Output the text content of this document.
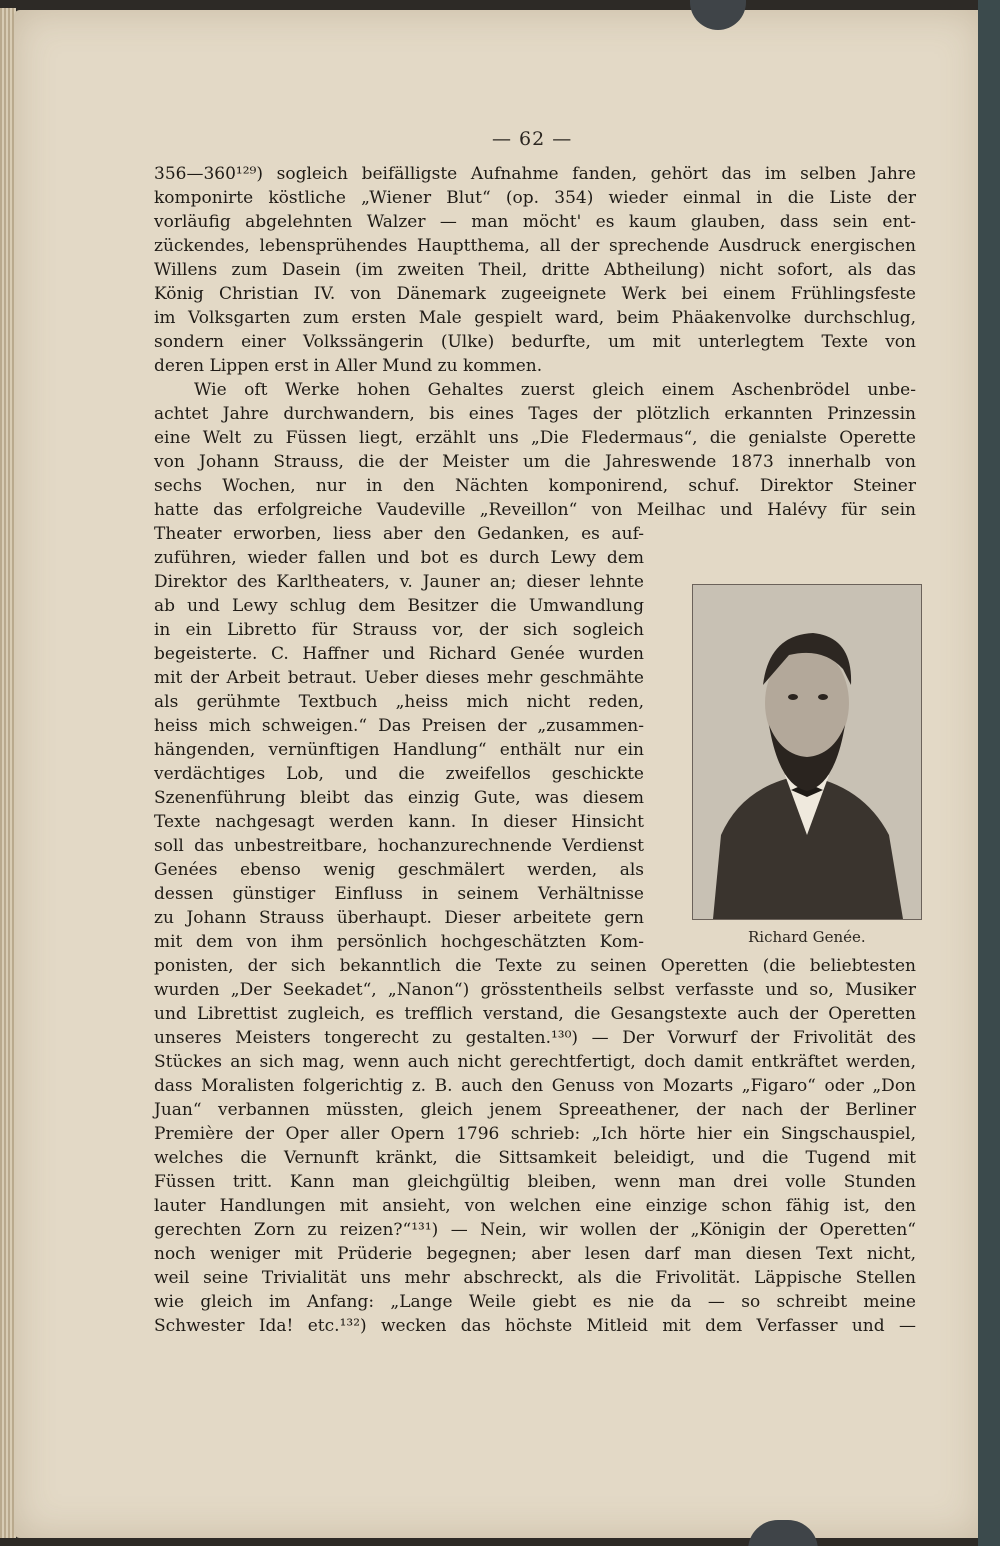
— 62 —
356—360¹²⁹) sogleich beifälligste Aufnahme fanden, gehört das im selben Jahre
komponirte köstliche „Wiener Blut“ (op. 354) wieder einmal in die Liste der
vorläufig abgelehnten Walzer — man möcht' es kaum glauben, dass sein ent-
zückendes, lebensprühendes Hauptthema, all der sprechende Ausdruck energischen
Willens zum Dasein (im zweiten Theil, dritte Abtheilung) nicht sofort, als das
König Christian IV. von Dänemark zugeeignete Werk bei einem Frühlingsfeste
im Volksgarten zum ersten Male gespielt ward, beim Phäakenvolke durchschlug,
sondern einer Volkssängerin (Ulke) bedurfte, um mit unterlegtem Texte von
deren Lippen erst in Aller Mund zu kommen.
Wie oft Werke hohen Gehaltes zuerst gleich einem Aschenbrödel unbe-
achtet Jahre durchwandern, bis eines Tages der plötzlich erkannten Prinzessin
eine Welt zu Füssen liegt, erzählt uns „Die Fledermaus“, die genialste Operette
von Johann Strauss, die der Meister um die Jahreswende 1873 innerhalb von
sechs Wochen, nur in den Nächten komponirend, schuf. Direktor Steiner
hatte das erfolgreiche Vaudeville „Reveillon“ von Meilhac und Halévy für sein
Theater erworben, liess aber den Gedanken, es auf-
zuführen, wieder fallen und bot es durch Lewy dem
Direktor des Karltheaters, v. Jauner an; dieser lehnte
ab und Lewy schlug dem Besitzer die Umwandlung
in ein Libretto für Strauss vor, der sich sogleich
begeisterte. C. Haffner und Richard Genée wurden
mit der Arbeit betraut. Ueber dieses mehr geschmähte
als gerühmte Textbuch „heiss mich nicht reden,
heiss mich schweigen.“ Das Preisen der „zusammen-
hängenden, vernünftigen Handlung“ enthält nur ein
verdächtiges Lob, und die zweifellos geschickte
Szenenführung bleibt das einzig Gute, was diesem
Texte nachgesagt werden kann. In dieser Hinsicht
soll das unbestreitbare, hochanzurechnende Verdienst
Genées ebenso wenig geschmälert werden, als
dessen günstiger Einfluss in seinem Verhältnisse
zu Johann Strauss überhaupt. Dieser arbeitete gern
mit dem von ihm persönlich hochgeschätzten Kom-
ponisten, der sich bekanntlich die Texte zu seinen Operetten (die beliebtesten
wurden „Der Seekadet“, „Nanon“) grösstentheils selbst verfasste und so, Musiker
und Librettist zugleich, es trefflich verstand, die Gesangstexte auch der Operetten
unseres Meisters tongerecht zu gestalten.¹³⁰) — Der Vorwurf der Frivolität des
Stückes an sich mag, wenn auch nicht gerechtfertigt, doch damit entkräftet werden,
dass Moralisten folgerichtig z. B. auch den Genuss von Mozarts „Figaro“ oder „Don
Juan“ verbannen müssten, gleich jenem Spreeathener, der nach der Berliner
Première der Oper aller Opern 1796 schrieb: „Ich hörte hier ein Singschauspiel,
welches die Vernunft kränkt, die Sittsamkeit beleidigt, und die Tugend mit
Füssen tritt. Kann man gleichgültig bleiben, wenn man drei volle Stunden
lauter Handlungen mit ansieht, von welchen eine einzige schon fähig ist, den
gerechten Zorn zu reizen?“¹³¹) — Nein, wir wollen der „Königin der Operetten“
noch weniger mit Prüderie begegnen; aber lesen darf man diesen Text nicht,
weil seine Trivialität uns mehr abschreckt, als die Frivolität. Läppische Stellen
wie gleich im Anfang: „Lange Weile giebt es nie da — so schreibt meine
Schwester Ida! etc.¹³²) wecken das höchste Mitleid mit dem Verfasser und —
Richard Genée.
